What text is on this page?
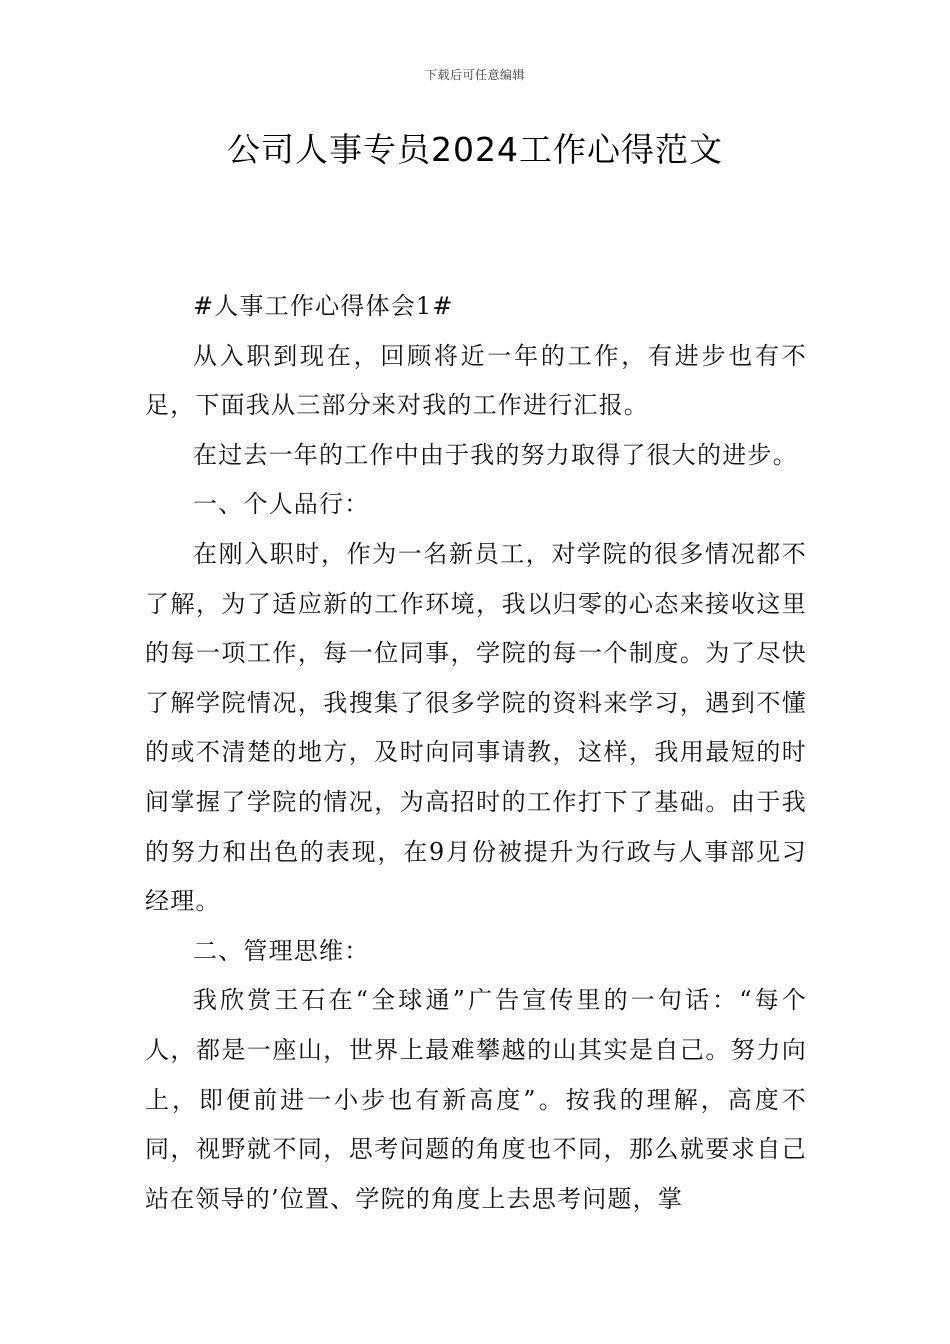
下载后可任意编辑
公司人事专员2024工作心得范文

#人事工作心得体会1#

从入职到现在，回顾将近一年的工作，有进步也有不足，下面我从三部分来对我的工作进行汇报。

在过去一年的工作中由于我的努力取得了很大的进步。

一、个人品行：

在刚入职时，作为一名新员工，对学院的很多情况都不了解，为了适应新的工作环境，我以归零的心态来接收这里的每一项工作，每一位同事，学院的每一个制度。为了尽快了解学院情况，我搜集了很多学院的资料来学习，遇到不懂的或不清楚的地方，及时向同事请教，这样，我用最短的时间掌握了学院的情况，为高招时的工作打下了基础。由于我的努力和出色的表现，在9月份被提升为行政与人事部见习经理。

二、管理思维：

我欣赏王石在“全球通”广告宣传里的一句话：“每个人，都是一座山，世界上最难攀越的山其实是自己。努力向上，即便前进一小步也有新高度”。按我的理解，高度不同，视野就不同，思考问题的角度也不同，那么就要求自己站在领导的’位置、学院的角度上去思考问题，掌
